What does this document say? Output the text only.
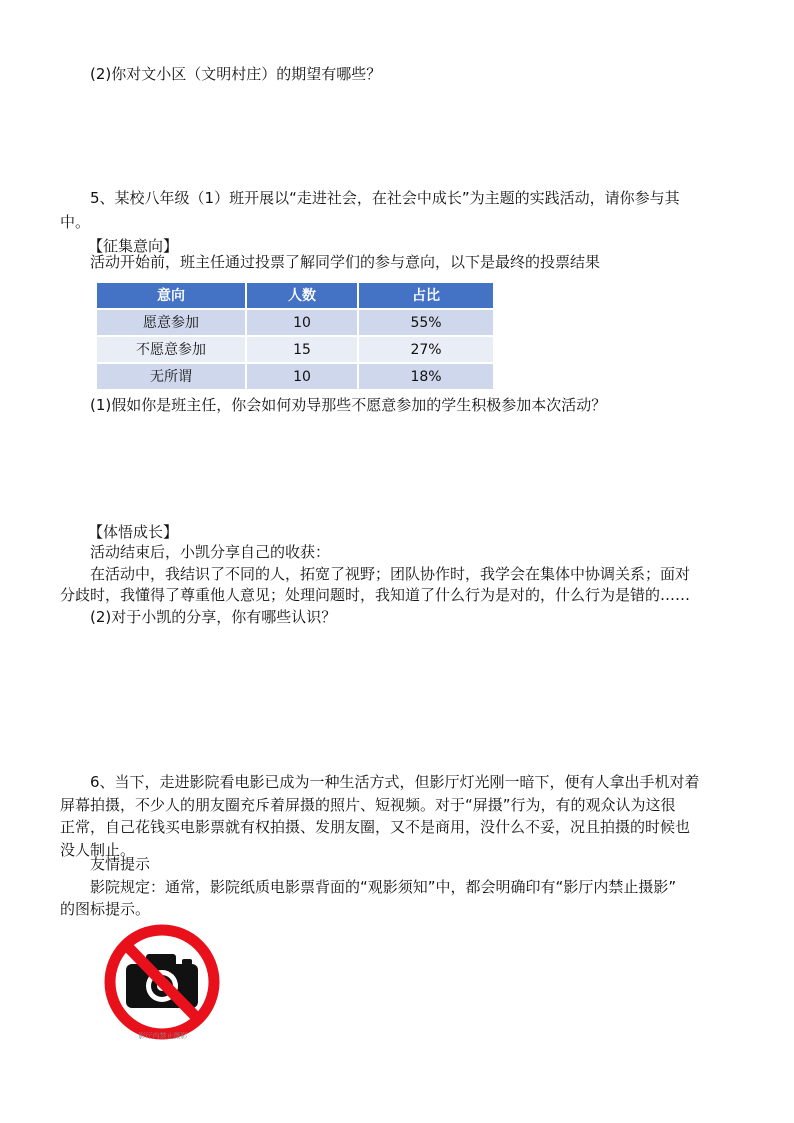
(2)你对文小区（文明村庄）的期望有哪些？
5、某校八年级（1）班开展以“走进社会，在社会中成长”为主题的实践活动，请你参与其
中。
【征集意向】
活动开始前，班主任通过投票了解同学们的参与意向，以下是最终的投票结果
意向	人数	占比
愿意参加	10	55%
不愿意参加	15	27%
无所谓	10	18%
(1)假如你是班主任，你会如何劝导那些不愿意参加的学生积极参加本次活动？
【体悟成长】
活动结束后，小凯分享自己的收获：
在活动中，我结识了不同的人，拓宽了视野；团队协作时，我学会在集体中协调关系；面对
分歧时，我懂得了尊重他人意见；处理问题时，我知道了什么行为是对的，什么行为是错的……
(2)对于小凯的分享，你有哪些认识？
6、当下，走进影院看电影已成为一种生活方式，但影厅灯光刚一暗下，便有人拿出手机对着
屏幕拍摄，不少人的朋友圈充斥着屏摄的照片、短视频。对于“屏摄”行为，有的观众认为这很
正常，自己花钱买电影票就有权拍摄、发朋友圈，又不是商用，没什么不妥，况且拍摄的时候也
没人制止。
友情提示
影院规定：通常，影院纸质电影票背面的“观影须知”中，都会明确印有“影厅内禁止摄影”
的图标提示。
影厅内禁止摄影
